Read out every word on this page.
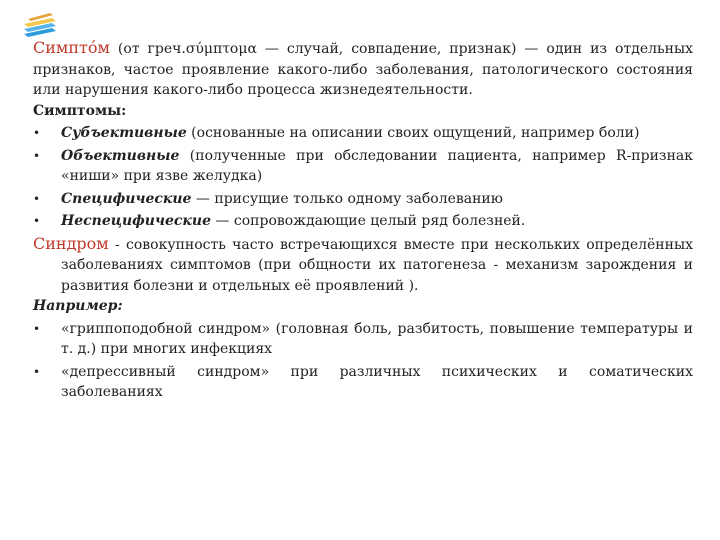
Симпто́м (от греч.σύμπτομα — случай, совпадение, признак) — один из отдельных признаков, частое проявление какого-либо заболевания, патологического состояния или нарушения какого-либо процесса жизнедеятельности.

Симптомы:

• Субъективные (основанные на описании своих ощущений, например боли)
• Объективные (полученные при обследовании пациента, например R-признак «ниши» при язве желудка)
• Специфические — присущие только одному заболеванию
• Неспецифические — сопровождающие целый ряд болезней.

Синдром - совокупность часто встречающихся вместе при нескольких определённых заболеваниях симптомов (при общности их патогенеза - механизм зарождения и развития болезни и отдельных её проявлений ).

Например:

• «гриппоподобной синдром» (головная боль, разбитость, повышение температуры и т. д.) при многих инфекциях
• «депрессивный синдром» при различных психических и соматических заболеваниях
